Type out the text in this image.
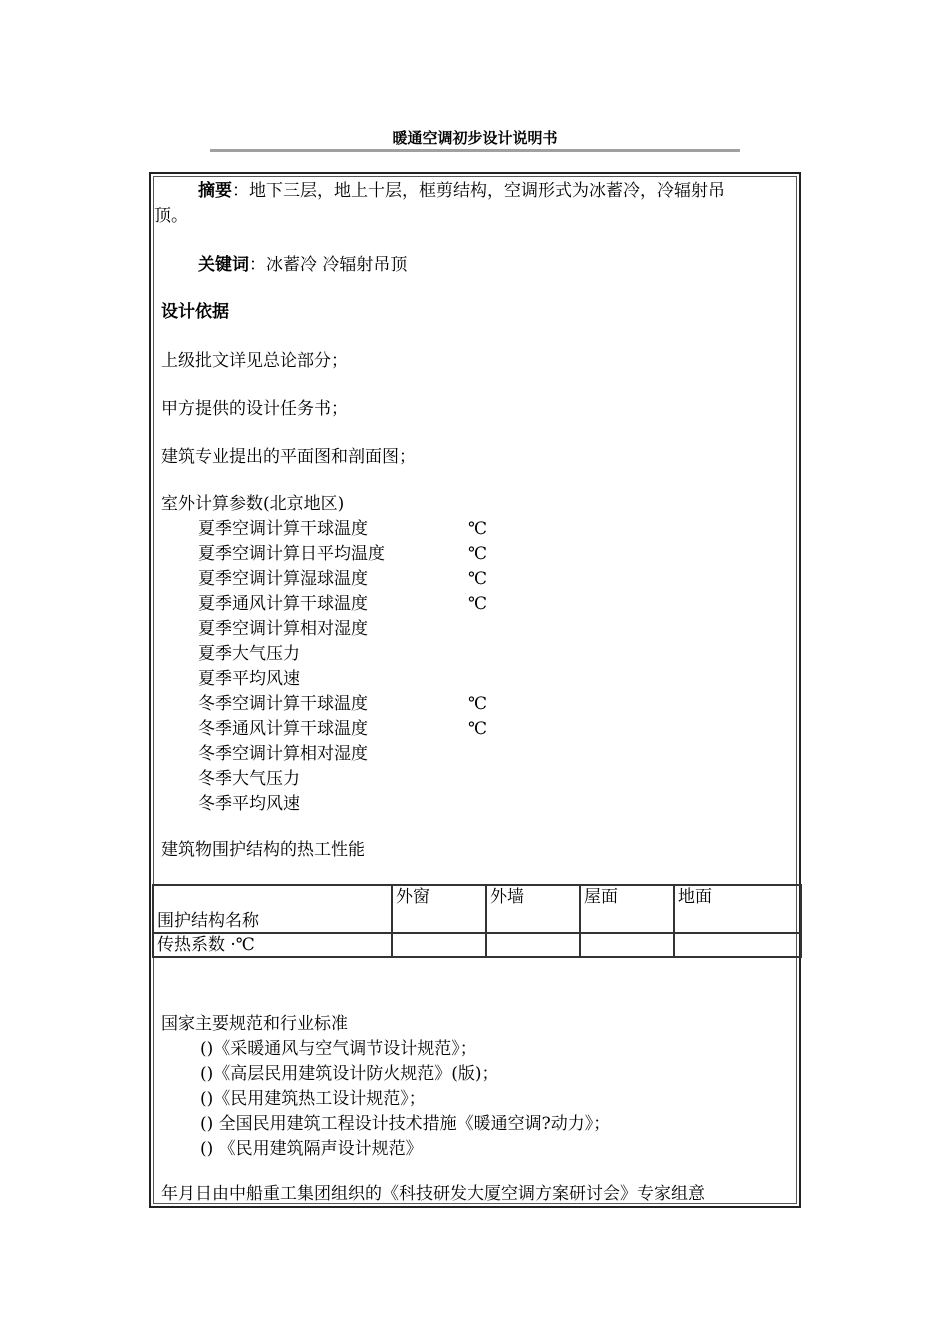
暖通空调初步设计说明书
摘要：地下三层，地上十层，框剪结构，空调形式为冰蓄冷，冷辐射吊
顶。
关键词：冰蓄冷 冷辐射吊顶
设计依据
上级批文详见总论部分；
甲方提供的设计任务书；
建筑专业提出的平面图和剖面图；
室外计算参数(北京地区)
夏季空调计算干球温度	℃
夏季空调计算日平均温度	℃
夏季空调计算湿球温度	℃
夏季通风计算干球温度	℃
夏季空调计算相对湿度
夏季大气压力
夏季平均风速
冬季空调计算干球温度	℃
冬季通风计算干球温度	℃
冬季空调计算相对湿度
冬季大气压力
冬季平均风速
建筑物围护结构的热工性能
围护结构名称	外窗	外墙	屋面	地面
传热系数 ·℃				
国家主要规范和行业标准
()《采暖通风与空气调节设计规范》；
()《高层民用建筑设计防火规范》(版)；
()《民用建筑热工设计规范》；
() 全国民用建筑工程设计技术措施《暖通空调?动力》；
() 《民用建筑隔声设计规范》
年月日由中船重工集团组织的《科技研发大厦空调方案研讨会》专家组意
